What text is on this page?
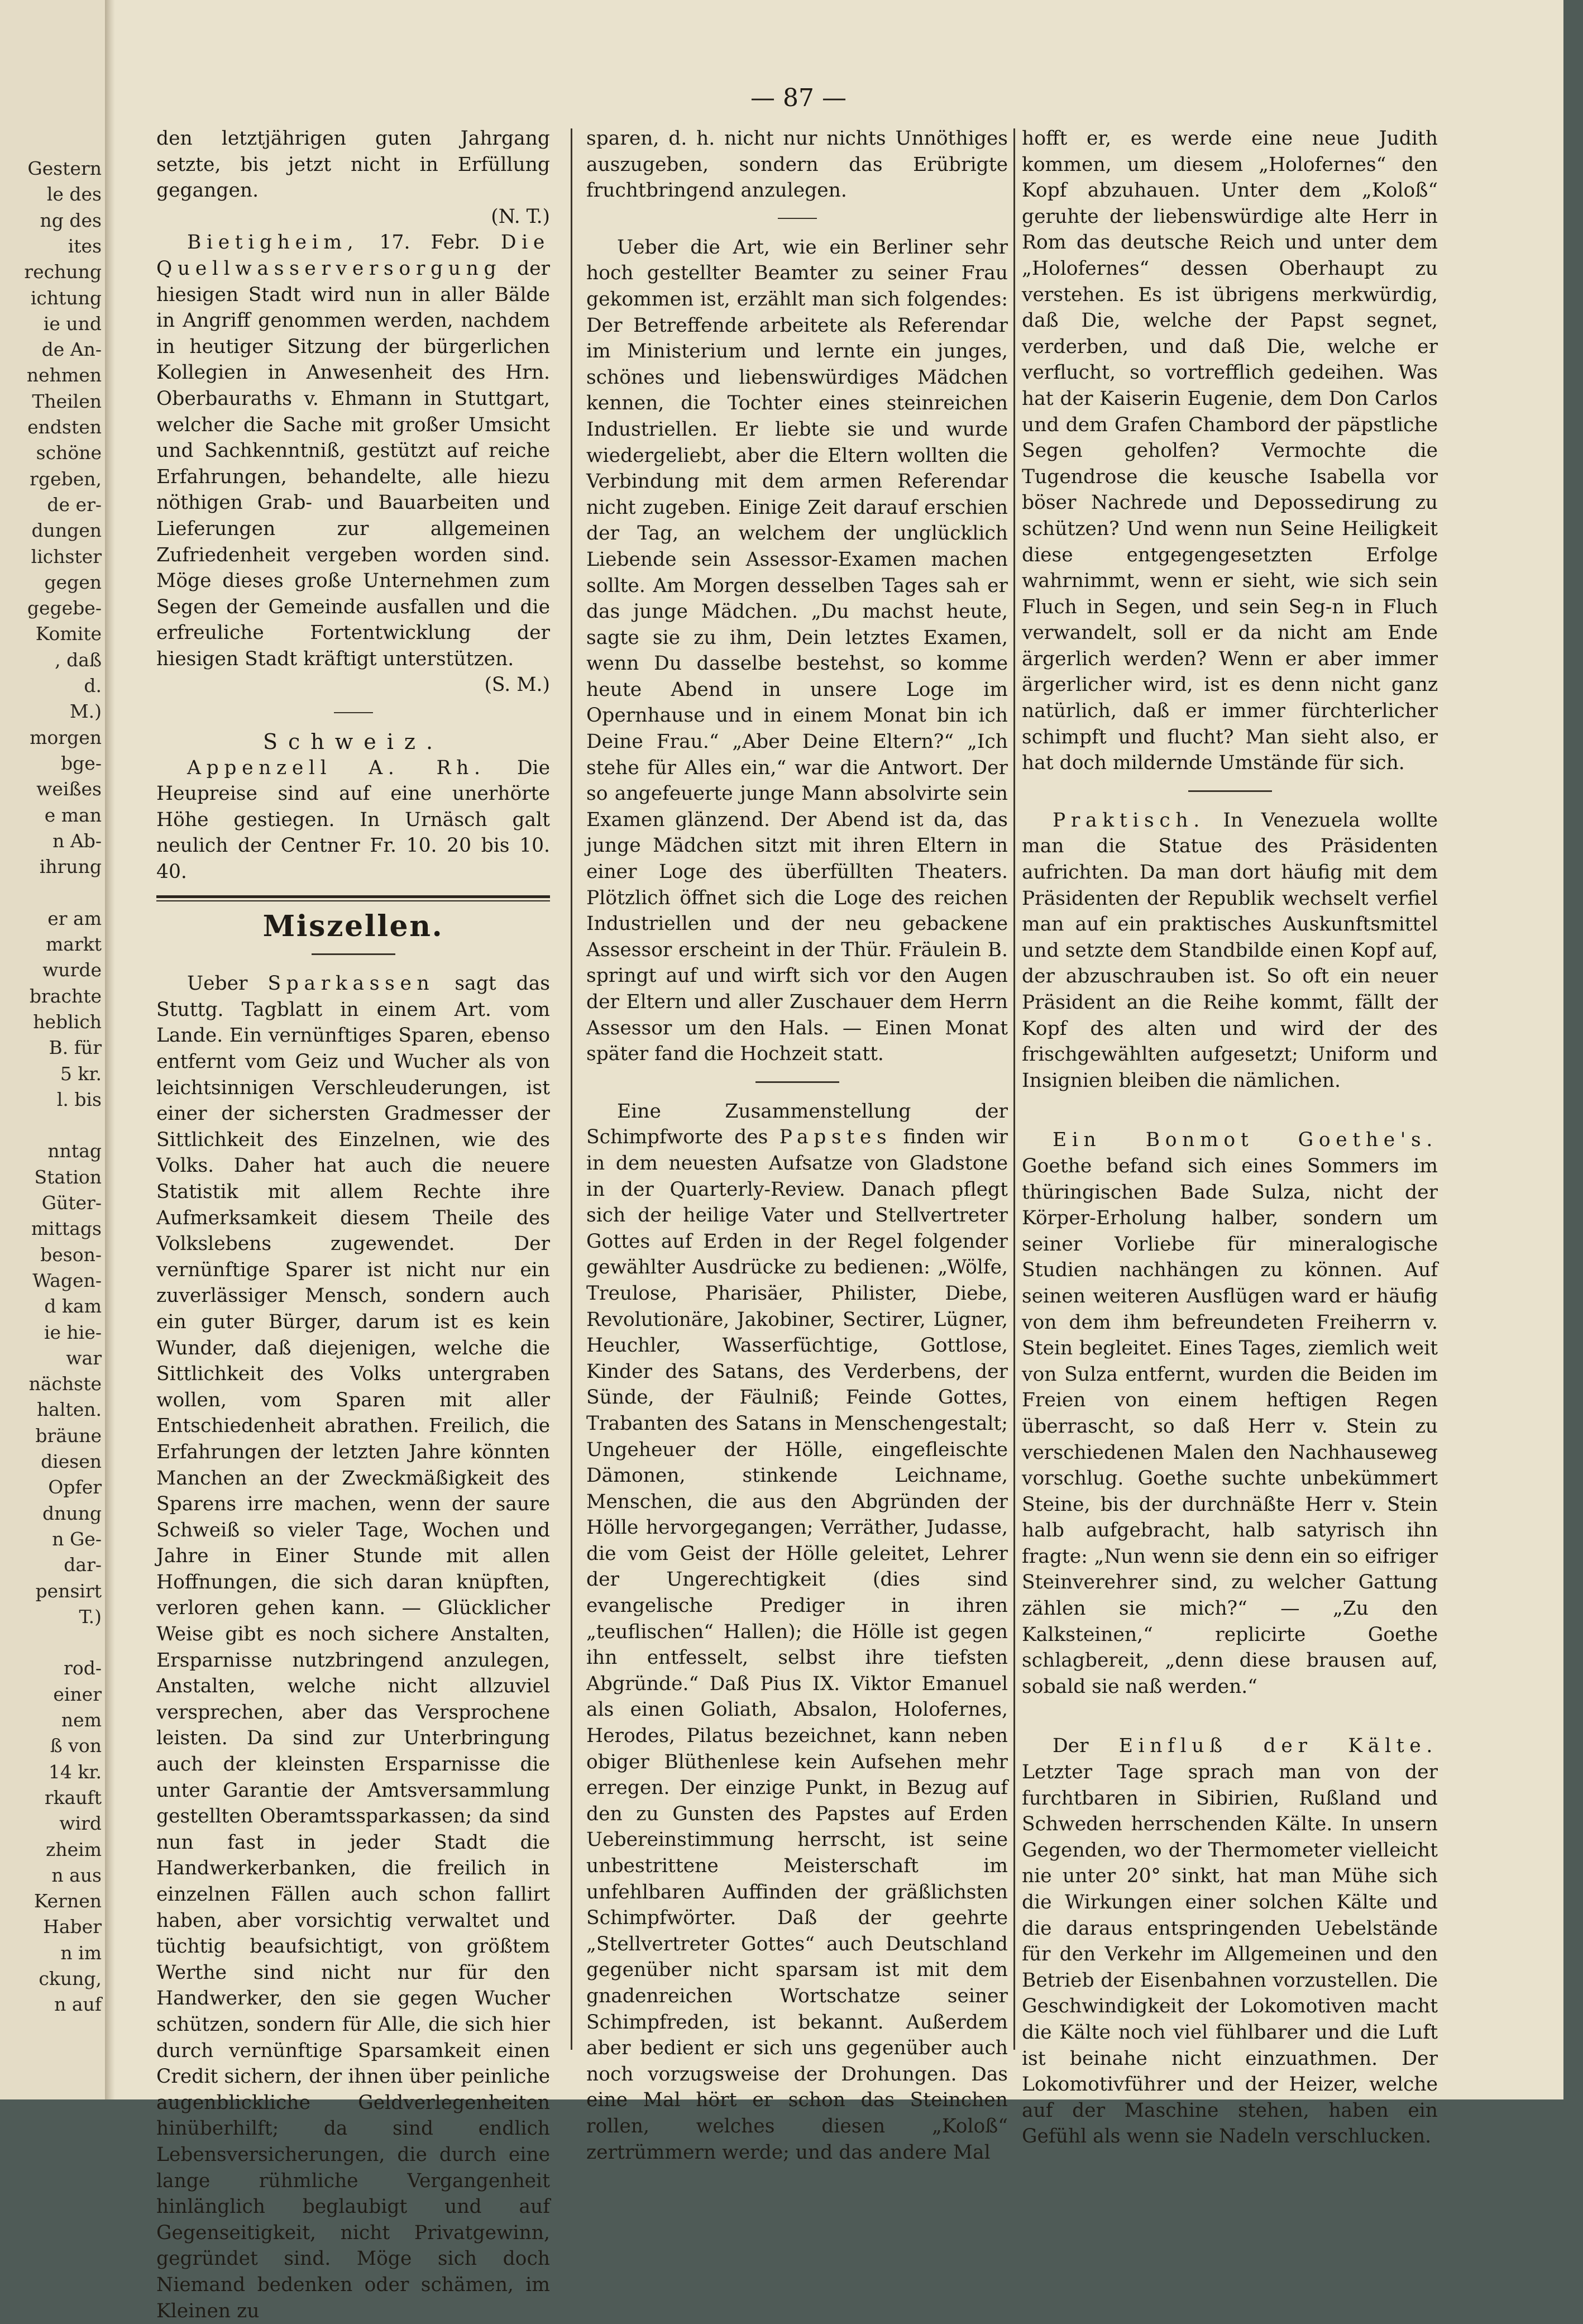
Gestern
le des
ng des
ites
rechung
ichtung
ie und
de An-
nehmen
Theilen
endsten
schöne
rgeben,
de er-
dungen
lichster
gegen
gegebe-
Komite
, daß
d.
M.)
morgen
bge-
weißes
e man
n Ab-
ihrung
er am
markt
wurde
brachte
heblich
B. für
5 kr.
l. bis
nntag
Station
Güter-
mittags
beson-
Wagen-
d kam
ie hie-
war
nächste
halten.
bräune
diesen
Opfer
dnung
n Ge-
dar-
pensirt
T.)
rod-
einer
nem
ß von
14 kr.
rkauft
wird
zheim
n aus
Kernen
Haber
n im
ckung,
n auf
— 87 —

den letztjährigen guten Jahrgang setzte, bis jetzt nicht in Erfüllung gegangen.

(N. T.)

Bietigheim, 17. Febr. Die Quellwasserversorgung der hiesigen Stadt wird nun in aller Bälde in Angriff genommen werden, nachdem in heutiger Sitzung der bürgerlichen Kollegien in Anwesenheit des Hrn. Oberbauraths v. Ehmann in Stuttgart, welcher die Sache mit großer Umsicht und Sachkenntniß, gestützt auf reiche Erfahrungen, behandelte, alle hiezu nöthigen Grab- und Bauarbeiten und Lieferungen zur allgemeinen Zufriedenheit vergeben worden sind. Möge dieses große Unternehmen zum Segen der Gemeinde ausfallen und die erfreuliche Fortentwicklung der hiesigen Stadt kräftigt unterstützen.

(S. M.)

Schweiz.

Appenzell A. Rh. Die Heupreise sind auf eine unerhörte Höhe gestiegen. In Urnäsch galt neulich der Centner Fr. 10. 20 bis 10. 40.

Miszellen.

Ueber Sparkassen sagt das Stuttg. Tagblatt in einem Art. vom Lande. Ein vernünftiges Sparen, ebenso entfernt vom Geiz und Wucher als von leichtsinnigen Verschleuderungen, ist einer der sichersten Gradmesser der Sittlichkeit des Einzelnen, wie des Volks. Daher hat auch die neuere Statistik mit allem Rechte ihre Aufmerksamkeit diesem Theile des Volkslebens zugewendet. Der vernünftige Sparer ist nicht nur ein zuverlässiger Mensch, sondern auch ein guter Bürger, darum ist es kein Wunder, daß diejenigen, welche die Sittlichkeit des Volks untergraben wollen, vom Sparen mit aller Entschiedenheit abrathen. Freilich, die Erfahrungen der letzten Jahre könnten Manchen an der Zweckmäßigkeit des Sparens irre machen, wenn der saure Schweiß so vieler Tage, Wochen und Jahre in Einer Stunde mit allen Hoffnungen, die sich daran knüpften, verloren gehen kann. — Glücklicher Weise gibt es noch sichere Anstalten, Ersparnisse nutzbringend anzulegen, Anstalten, welche nicht allzuviel versprechen, aber das Versprochene leisten. Da sind zur Unterbringung auch der kleinsten Ersparnisse die unter Garantie der Amtsversammlung gestellten Oberamtssparkassen; da sind nun fast in jeder Stadt die Handwerkerbanken, die freilich in einzelnen Fällen auch schon fallirt haben, aber vorsichtig verwaltet und tüchtig beaufsichtigt, von größtem Werthe sind nicht nur für den Handwerker, den sie gegen Wucher schützen, sondern für Alle, die sich hier durch vernünftige Sparsamkeit einen Credit sichern, der ihnen über peinliche augenblickliche Geldverlegenheiten hinüberhilft; da sind endlich Lebensversicherungen, die durch eine lange rühmliche Vergangenheit hinlänglich beglaubigt und auf Gegenseitigkeit, nicht Privatgewinn, gegründet sind. Möge sich doch Niemand bedenken oder schämen, im Kleinen zu

sparen, d. h. nicht nur nichts Unnöthiges auszugeben, sondern das Erübrigte fruchtbringend anzulegen.

Ueber die Art, wie ein Berliner sehr hoch gestellter Beamter zu seiner Frau gekommen ist, erzählt man sich folgendes: Der Betreffende arbeitete als Referendar im Ministerium und lernte ein junges, schönes und liebenswürdiges Mädchen kennen, die Tochter eines steinreichen Industriellen. Er liebte sie und wurde wiedergeliebt, aber die Eltern wollten die Verbindung mit dem armen Referendar nicht zugeben. Einige Zeit darauf erschien der Tag, an welchem der unglücklich Liebende sein Assessor-Examen machen sollte. Am Morgen desselben Tages sah er das junge Mädchen. „Du machst heute, sagte sie zu ihm, Dein letztes Examen, wenn Du dasselbe bestehst, so komme heute Abend in unsere Loge im Opernhause und in einem Monat bin ich Deine Frau.“ „Aber Deine Eltern?“ „Ich stehe für Alles ein,“ war die Antwort. Der so angefeuerte junge Mann absolvirte sein Examen glänzend. Der Abend ist da, das junge Mädchen sitzt mit ihren Eltern in einer Loge des überfüllten Theaters. Plötzlich öffnet sich die Loge des reichen Industriellen und der neu gebackene Assessor erscheint in der Thür. Fräulein B. springt auf und wirft sich vor den Augen der Eltern und aller Zuschauer dem Herrn Assessor um den Hals. — Einen Monat später fand die Hochzeit statt.

Eine Zusammenstellung der Schimpfworte des Papstes finden wir in dem neuesten Aufsatze von Gladstone in der Quarterly-Review. Danach pflegt sich der heilige Vater und Stellvertreter Gottes auf Erden in der Regel folgender gewählter Ausdrücke zu bedienen: „Wölfe, Treulose, Pharisäer, Philister, Diebe, Revolutionäre, Jakobiner, Sectirer, Lügner, Heuchler, Wasserfüchtige, Gottlose, Kinder des Satans, des Verderbens, der Sünde, der Fäulniß; Feinde Gottes, Trabanten des Satans in Menschengestalt; Ungeheuer der Hölle, eingefleischte Dämonen, stinkende Leichname, Menschen, die aus den Abgründen der Hölle hervorgegangen; Verräther, Judasse, die vom Geist der Hölle geleitet, Lehrer der Ungerechtigkeit (dies sind evangelische Prediger in ihren „teuflischen“ Hallen); die Hölle ist gegen ihn entfesselt, selbst ihre tiefsten Abgründe.“ Daß Pius IX. Viktor Emanuel als einen Goliath, Absalon, Holofernes, Herodes, Pilatus bezeichnet, kann neben obiger Blüthenlese kein Aufsehen mehr erregen. Der einzige Punkt, in Bezug auf den zu Gunsten des Papstes auf Erden Uebereinstimmung herrscht, ist seine unbestrittene Meisterschaft im unfehlbaren Auffinden der gräßlichsten Schimpfwörter. Daß der geehrte „Stellvertreter Gottes“ auch Deutschland gegenüber nicht sparsam ist mit dem gnadenreichen Wortschatze seiner Schimpfreden, ist bekannt. Außerdem aber bedient er sich uns gegenüber auch noch vorzugsweise der Drohungen. Das eine Mal hört er schon das Steinchen rollen, welches diesen „Koloß“ zertrümmern werde; und das andere Mal

hofft er, es werde eine neue Judith kommen, um diesem „Holofernes“ den Kopf abzuhauen. Unter dem „Koloß“ geruhte der liebenswürdige alte Herr in Rom das deutsche Reich und unter dem „Holofernes“ dessen Oberhaupt zu verstehen. Es ist übrigens merkwürdig, daß Die, welche der Papst segnet, verderben, und daß Die, welche er verflucht, so vortrefflich gedeihen. Was hat der Kaiserin Eugenie, dem Don Carlos und dem Grafen Chambord der päpstliche Segen geholfen? Vermochte die Tugendrose die keusche Isabella vor böser Nachrede und Depossedirung zu schützen? Und wenn nun Seine Heiligkeit diese entgegengesetzten Erfolge wahrnimmt, wenn er sieht, wie sich sein Fluch in Segen, und sein Seg-n in Fluch verwandelt, soll er da nicht am Ende ärgerlich werden? Wenn er aber immer ärgerlicher wird, ist es denn nicht ganz natürlich, daß er immer fürchterlicher schimpft und flucht? Man sieht also, er hat doch mildernde Umstände für sich.

Praktisch. In Venezuela wollte man die Statue des Präsidenten aufrichten. Da man dort häufig mit dem Präsidenten der Republik wechselt verfiel man auf ein praktisches Auskunftsmittel und setzte dem Standbilde einen Kopf auf, der abzuschrauben ist. So oft ein neuer Präsident an die Reihe kommt, fällt der Kopf des alten und wird der des frischgewählten aufgesetzt; Uniform und Insignien bleiben die nämlichen.

Ein Bonmot Goethe's. Goethe befand sich eines Sommers im thüringischen Bade Sulza, nicht der Körper-Erholung halber, sondern um seiner Vorliebe für mineralogische Studien nachhängen zu können. Auf seinen weiteren Ausflügen ward er häufig von dem ihm befreundeten Freiherrn v. Stein begleitet. Eines Tages, ziemlich weit von Sulza entfernt, wurden die Beiden im Freien von einem heftigen Regen überrascht, so daß Herr v. Stein zu verschiedenen Malen den Nachhauseweg vorschlug. Goethe suchte unbekümmert Steine, bis der durchnäßte Herr v. Stein halb aufgebracht, halb satyrisch ihn fragte: „Nun wenn sie denn ein so eifriger Steinverehrer sind, zu welcher Gattung zählen sie mich?“ — „Zu den Kalksteinen,“ replicirte Goethe schlagbereit, „denn diese brausen auf, sobald sie naß werden.“

Der Einfluß der Kälte. Letzter Tage sprach man von der furchtbaren in Sibirien, Rußland und Schweden herrschenden Kälte. In unsern Gegenden, wo der Thermometer vielleicht nie unter 20° sinkt, hat man Mühe sich die Wirkungen einer solchen Kälte und die daraus entspringenden Uebelstände für den Verkehr im Allgemeinen und den Betrieb der Eisenbahnen vorzustellen. Die Geschwindigkeit der Lokomotiven macht die Kälte noch viel fühlbarer und die Luft ist beinahe nicht einzuathmen. Der Lokomotivführer und der Heizer, welche auf der Maschine stehen, haben ein Gefühl als wenn sie Nadeln verschlucken.
